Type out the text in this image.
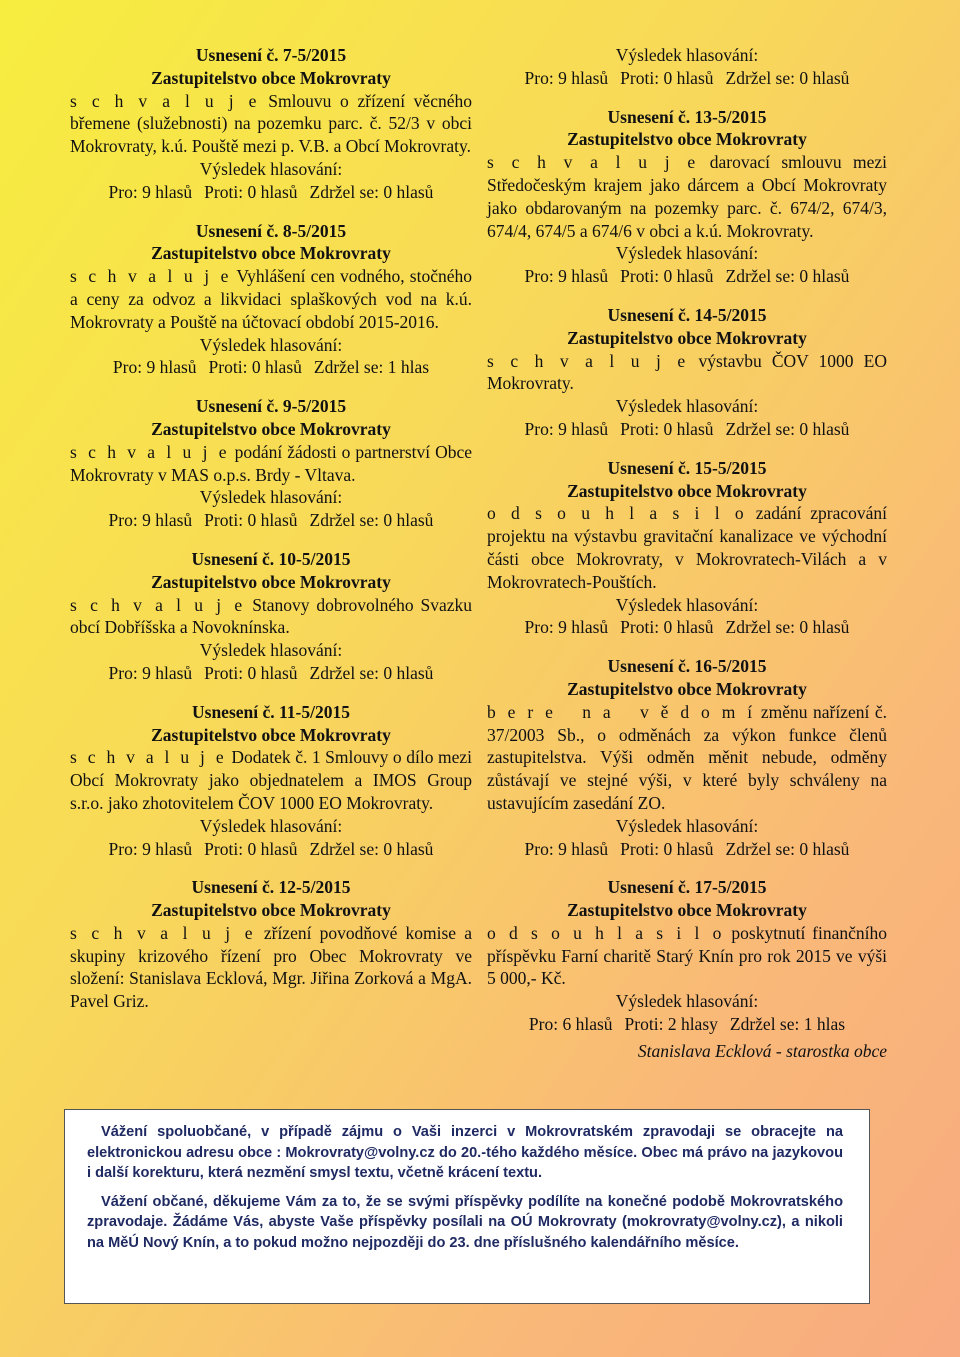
Usnesení č. 7-5/2015
Zastupitelstvo obce Mokrovraty
s c h v a l u j e Smlouvu o zřízení věcného břemene (služebnosti) na pozemku parc. č. 52/3 v obci Mokrovraty, k.ú. Pouště mezi p. V.B. a Obcí Mokrovraty.
Výsledek hlasování:
Pro: 9 hlasů Proti: 0 hlasů Zdržel se: 0 hlasů
Usnesení č. 8-5/2015
Zastupitelstvo obce Mokrovraty
s c h v a l u j e Vyhlášení cen vodného, stočného a ceny za odvoz a likvidaci splaškových vod na k.ú. Mokrovraty a Pouště na účtovací období 2015-2016.
Výsledek hlasování:
Pro: 9 hlasů Proti: 0 hlasů Zdržel se: 1 hlas
Usnesení č. 9-5/2015
Zastupitelstvo obce Mokrovraty
s c h v a l u j e podání žádosti o partnerství Obce Mokrovraty v MAS o.p.s. Brdy - Vltava.
Výsledek hlasování:
Pro: 9 hlasů Proti: 0 hlasů Zdržel se: 0 hlasů
Usnesení č. 10-5/2015
Zastupitelstvo obce Mokrovraty
s c h v a l u j e Stanovy dobrovolného Svazku obcí Dobříšska a Novoknínska.
Výsledek hlasování:
Pro: 9 hlasů Proti: 0 hlasů Zdržel se: 0 hlasů
Usnesení č. 11-5/2015
Zastupitelstvo obce Mokrovraty
s c h v a l u j e Dodatek č. 1 Smlouvy o dílo mezi Obcí Mokrovraty jako objednatelem a IMOS Group s.r.o. jako zhotovitelem ČOV 1000 EO Mokrovraty.
Výsledek hlasování:
Pro: 9 hlasů Proti: 0 hlasů Zdržel se: 0 hlasů
Usnesení č. 12-5/2015
Zastupitelstvo obce Mokrovraty
s c h v a l u j e zřízení povodňové komise a skupiny krizového řízení pro Obec Mokrovraty ve složení: Stanislava Ecklová, Mgr. Jiřina Zorková a MgA. Pavel Griz.
Výsledek hlasování:
Pro: 9 hlasů Proti: 0 hlasů Zdržel se: 0 hlasů
Usnesení č. 13-5/2015
Zastupitelstvo obce Mokrovraty
s c h v a l u j e darovací smlouvu mezi Středočeským krajem jako dárcem a Obcí Mokrovraty jako obdarovaným na pozemky parc. č. 674/2, 674/3, 674/4, 674/5 a 674/6 v obci a k.ú. Mokrovraty.
Výsledek hlasování:
Pro: 9 hlasů Proti: 0 hlasů Zdržel se: 0 hlasů
Usnesení č. 14-5/2015
Zastupitelstvo obce Mokrovraty
s c h v a l u j e výstavbu ČOV 1000 EO Mokrovraty.
Výsledek hlasování:
Pro: 9 hlasů Proti: 0 hlasů Zdržel se: 0 hlasů
Usnesení č. 15-5/2015
Zastupitelstvo obce Mokrovraty
o d s o u h l a s i l o zadání zpracování projektu na výstavbu gravitační kanalizace ve východní části obce Mokrovraty, v Mokrovratech-Vilách a v Mokrovratech-Pouštích.
Výsledek hlasování:
Pro: 9 hlasů Proti: 0 hlasů Zdržel se: 0 hlasů
Usnesení č. 16-5/2015
Zastupitelstvo obce Mokrovraty
b e r e   n a   v ě d o m í změnu nařízení č. 37/2003 Sb., o odměnách za výkon funkce členů zastupitelstva. Výši odměn měnit nebude, odměny zůstávají ve stejné výši, v které byly schváleny na ustavujícím zasedání ZO.
Výsledek hlasování:
Pro: 9 hlasů Proti: 0 hlasů Zdržel se: 0 hlasů
Usnesení č. 17-5/2015
Zastupitelstvo obce Mokrovraty
o d s o u h l a s i l o poskytnutí finančního příspěvku Farní charitě Starý Knín pro rok 2015 ve výši 5 000,- Kč.
Výsledek hlasování:
Pro: 6 hlasů Proti: 2 hlasy Zdržel se: 1 hlas
Stanislava Ecklová - starostka obce

Vážení spoluobčané, v případě zájmu o Vaši inzerci v Mokrovratském zpravodaji se obracejte na elektronickou adresu obce : Mokrovraty@volny.cz do 20.-tého každého měsíce. Obec má právo na jazykovou i další korekturu, která nezmění smysl textu, včetně krácení textu.

Vážení občané, děkujeme Vám za to, že se svými příspěvky podílíte na konečné podobě Mokrovratského zpravodaje. Žádáme Vás, abyste Vaše příspěvky posílali na OÚ Mokrovraty (mokrovraty@volny.cz), a nikoli na MěÚ Nový Knín, a to pokud možno nejpozději do 23. dne příslušného kalendářního měsíce.
